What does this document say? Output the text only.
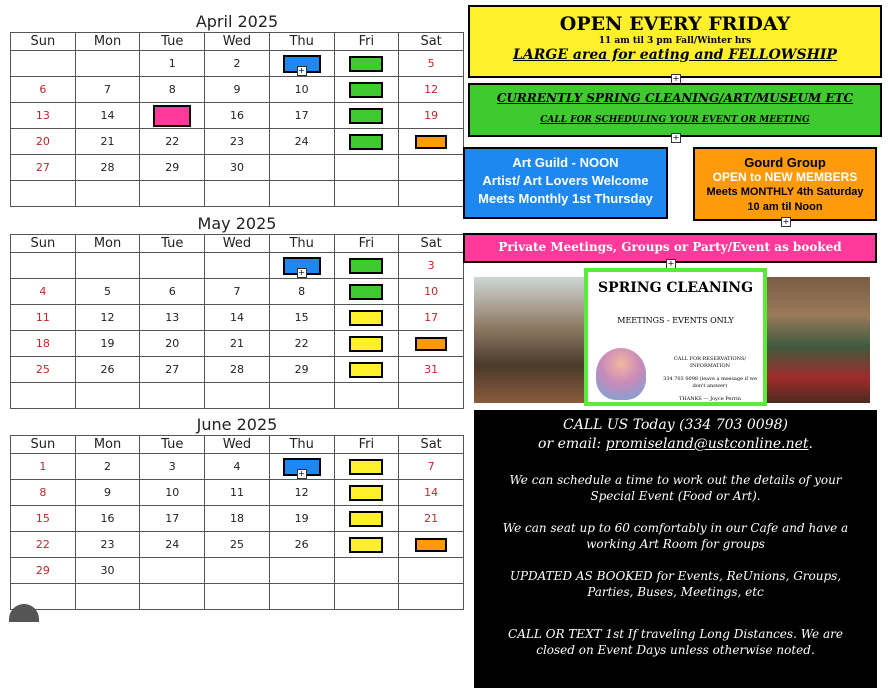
April 2025
Sun	Mon	Tue	Wed	Thu	Fri	Sat
		1	2	+		5
6	7	8	9	10		12
13	14		16	17		19
20	21	22	23	24	

27	28	29	30			

May 2025
Sun	Mon	Tue	Wed	Thu	Fri	Sat

				+		3
4	5	6	7	8		10
11	12	13	14	15		17
18	19	20	21	22	

25	26	27	28	29		31

June 2025
Sun	Mon	Tue	Wed	Thu	Fri	Sat
1	2	3	4	+		7
8	9	10	11	12		14
15	16	17	18	19		21
22	23	24	25	26	

29	30					

OPEN EVERY FRIDAY
11 am til 3 pm Fall/Winter hrs
LARGE area for eating and FELLOWSHIP
+
CURRENTLY SPRING CLEANING/ART/MUSEUM ETC
CALL FOR SCHEDULING YOUR EVENT OR MEETING
+
Art Guild - NOON
Artist/ Art Lovers Welcome
Meets Monthly 1st Thursday
Gourd Group
OPEN to NEW MEMBERS
Meets MONTHLY 4th Saturday
10 am til Noon
+
Private Meetings, Groups or Party/Event as booked
+
SPRING CLEANING
MEETINGS - EVENTS ONLY
CALL FOR RESERVATIONS/ INFORMATION
334 703 0098 (leave a message if we don't answer)
THANKS --- Joyce Perrin
CALL US Today (334 703 0098)
or email: promiseland@ustconline.net.

We can schedule a time to work out the details of your Special Event (Food or Art).

We can seat up to 60 comfortably in our Cafe and have a working Art Room for groups

UPDATED AS BOOKED for Events, ReUnions, Groups, Parties, Buses, Meetings, etc

CALL OR TEXT 1st If traveling Long Distances. We are closed on Event Days unless otherwise noted.
